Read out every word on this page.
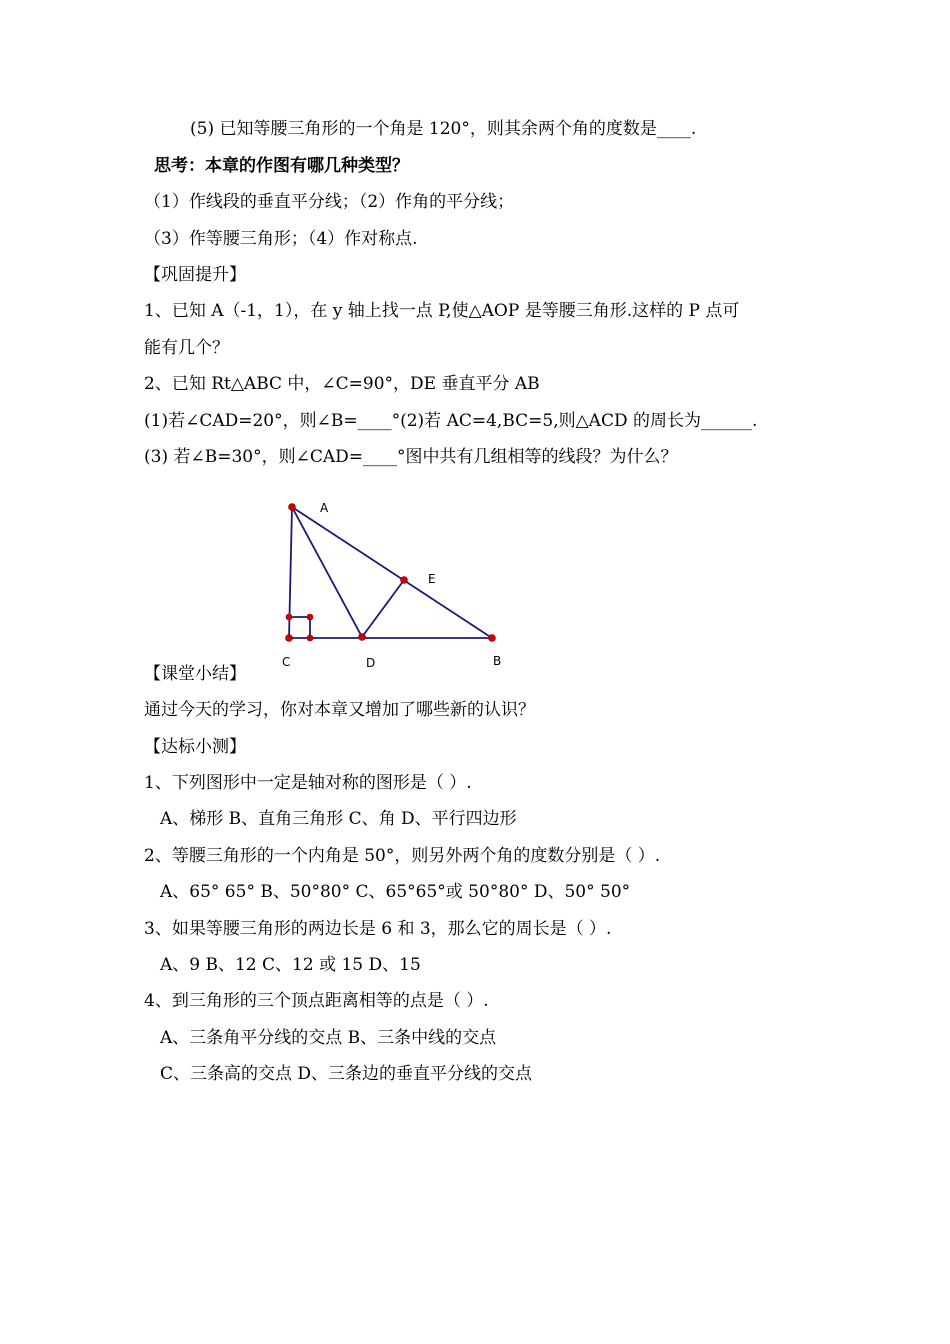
(5) 已知等腰三角形的一个角是 120°，则其余两个角的度数是____.
思考：本章的作图有哪几种类型？
（1）作线段的垂直平分线；（2）作角的平分线；
（3）作等腰三角形；（4）作对称点.
【巩固提升】
1、已知 A（-1，1），在 y 轴上找一点 P,使△AOP 是等腰三角形.这样的 P 点可
能有几个？
2、已知 Rt△ABC 中，∠C=90°，DE 垂直平分 AB
(1)若∠CAD=20°，则∠B=____°(2)若 AC=4,BC=5,则△ACD 的周长为______.
(3) 若∠B=30°，则∠CAD=____°图中共有几组相等的线段？为什么？
A
E
C	D	B
【课堂小结】
通过今天的学习，你对本章又增加了哪些新的认识？
【达标小测】
1、下列图形中一定是轴对称的图形是（ ）.
A、梯形 B、直角三角形 C、角 D、平行四边形
2、等腰三角形的一个内角是 50°，则另外两个角的度数分别是（ ）.
A、65° 65° B、50°80° C、65°65°或 50°80° D、50° 50°
3、如果等腰三角形的两边长是 6 和 3，那么它的周长是（ ）.
A、9 B、12 C、12 或 15 D、15
4、到三角形的三个顶点距离相等的点是（ ）.
A、三条角平分线的交点 B、三条中线的交点
C、三条高的交点 D、三条边的垂直平分线的交点
